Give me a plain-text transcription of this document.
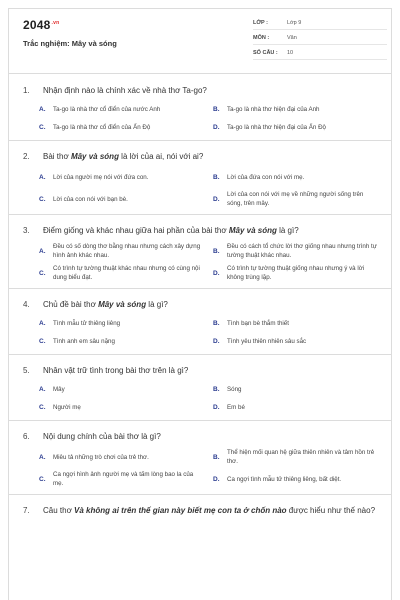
$2048^{.vn}$
Trắc nghiệm: Mây và sóng
LỚP :	Lớp 9
MÔN :	Văn
SỐ CÂU :	10
1.	Nhận định nào là chính xác về nhà thơ Ta-go?
A.	Ta-go là nhà thơ cổ điển của nước Anh	B.	Ta-go là nhà thơ hiện đại của Anh
C.	Ta-go là nhà thơ cổ điển của Ấn Độ	D.	Ta-go là nhà thơ hiện đại của Ấn Độ
2.	Bài thơ Mây và sóng là lời của ai, nói với ai?
A.	Lời của người mẹ nói với đứa con.	B.	Lời của đứa con nói với mẹ.
C.	Lời của con nói với bạn bè.	D.
Lời của con nói với mẹ về những người sống trên sóng, trên mây.
3.	Điểm giống và khác nhau giữa hai phần của bài thơ Mây và sóng là gì?
A.
Đều có số dòng thơ bằng nhau nhưng cách xây dựng hình ảnh khác nhau.
B.
Đều có cách tổ chức lời thơ giống nhau nhưng trình tự tường thuật khác nhau.
C.
Có trình tự tường thuật khác nhau nhưng có cùng nội dung biểu đạt.
D.
Có trình tự tường thuật giống nhau nhưng ý và lời không trùng lặp.
4.	Chủ đề bài thơ Mây và sóng là gì?
A.	Tình mẫu tử thiêng liêng	B.	Tình bạn bè thắm thiết
C.	Tình anh em sâu nặng	D.	Tình yêu thiên nhiên sâu sắc
5.	Nhân vật trữ tình trong bài thơ trên là gì?
A.	Mây	B.	Sóng
C.	Người mẹ	D.	Em bé
6.	Nội dung chính của bài thơ là gì?
A.	Miêu tả những trò chơi của trẻ thơ.	B.
Thể hiện mối quan hệ giữa thiên nhiên và tâm hồn trẻ thơ.
C.
Ca ngợi hình ảnh người mẹ và tấm lòng bao la của mẹ.
D.	Ca ngợi tình mẫu tử thiêng liêng, bất diệt.
7.	Câu thơ Và không ai trên thế gian này biết mẹ con ta ở chốn nào được hiểu như thế nào?
